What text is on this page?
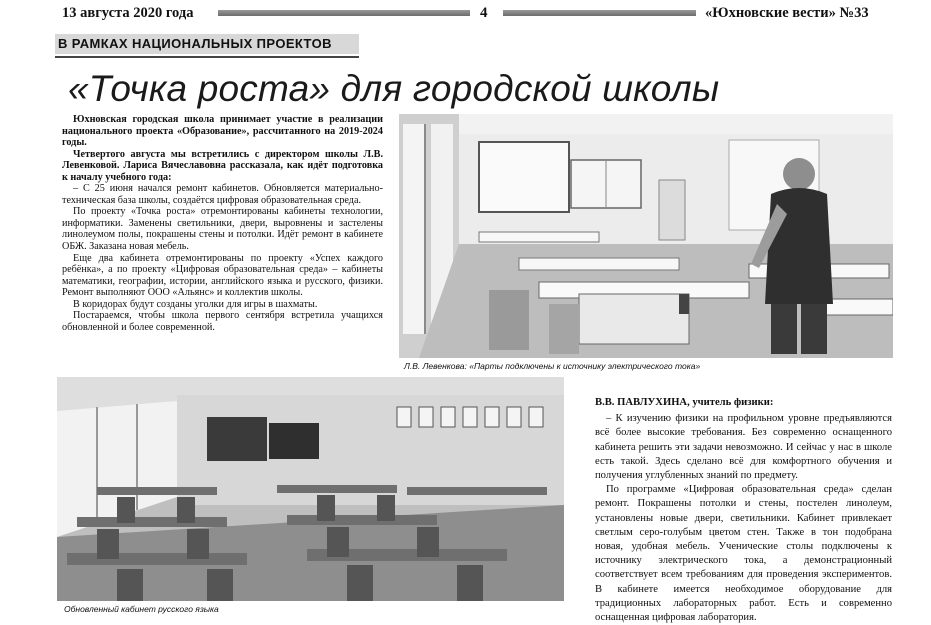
13 августа 2020 года	4	«Юхновские вести» №33
В РАМКАХ НАЦИОНАЛЬНЫХ ПРОЕКТОВ
«Точка роста» для городской школы

Юхновская городская школа принимает участие в реализации национального проекта «Образование», рассчитанного на 2019-2024 годы.

Четвертого августа мы встретились с директором школы Л.В. Левенковой. Лариса Вячеславовна рассказала, как идёт подготовка к началу учебного года:

– С 25 июня начался ремонт кабинетов. Обновляется материально-техническая база школы, создаётся цифровая образовательная среда.

По проекту «Точка роста» отремонтированы кабинеты технологии, информатики. Заменены светильники, двери, выровнены и застелены линолеумом полы, покрашены стены и потолки. Идёт ремонт в кабинете ОБЖ. Заказана новая мебель.

Еще два кабинета отремонтированы по проекту «Успех каждого ребёнка», а по проекту «Цифровая образовательная среда» – кабинеты математики, географии, истории, английского языка и русского, физики. Ремонт выполняют ООО «Альянс» и коллектив школы.

В коридорах будут созданы уголки для игры в шахматы.

Постараемся, чтобы школа первого сентября встретила учащихся обновленной и более современной.

Л.В. Левенкова: «Парты подключены к источнику электрического тока»
Обновленный кабинет русского языка

В.В. ПАВЛУХИНА, учитель физики:

– К изучению физики на профильном уровне предъявляются всё более высокие требования. Без современно оснащенного кабинета решить эти задачи невозможно. И сейчас у нас в школе есть такой. Здесь сделано всё для комфортного обучения и получения углубленных знаний по предмету.

По программе «Цифровая образовательная среда» сделан ремонт. Покрашены потолки и стены, постелен линолеум, установлены новые двери, светильники. Кабинет привлекает светлым серо-голубым цветом стен. Также в тон подобрана новая, удобная мебель. Ученические столы подключены к источнику электрического тока, а демонстрационный соответствует всем требованиям для проведения экспериментов. В кабинете имеется необходимое оборудование для традиционных лабораторных работ. Есть и современно оснащенная цифровая лаборатория.
